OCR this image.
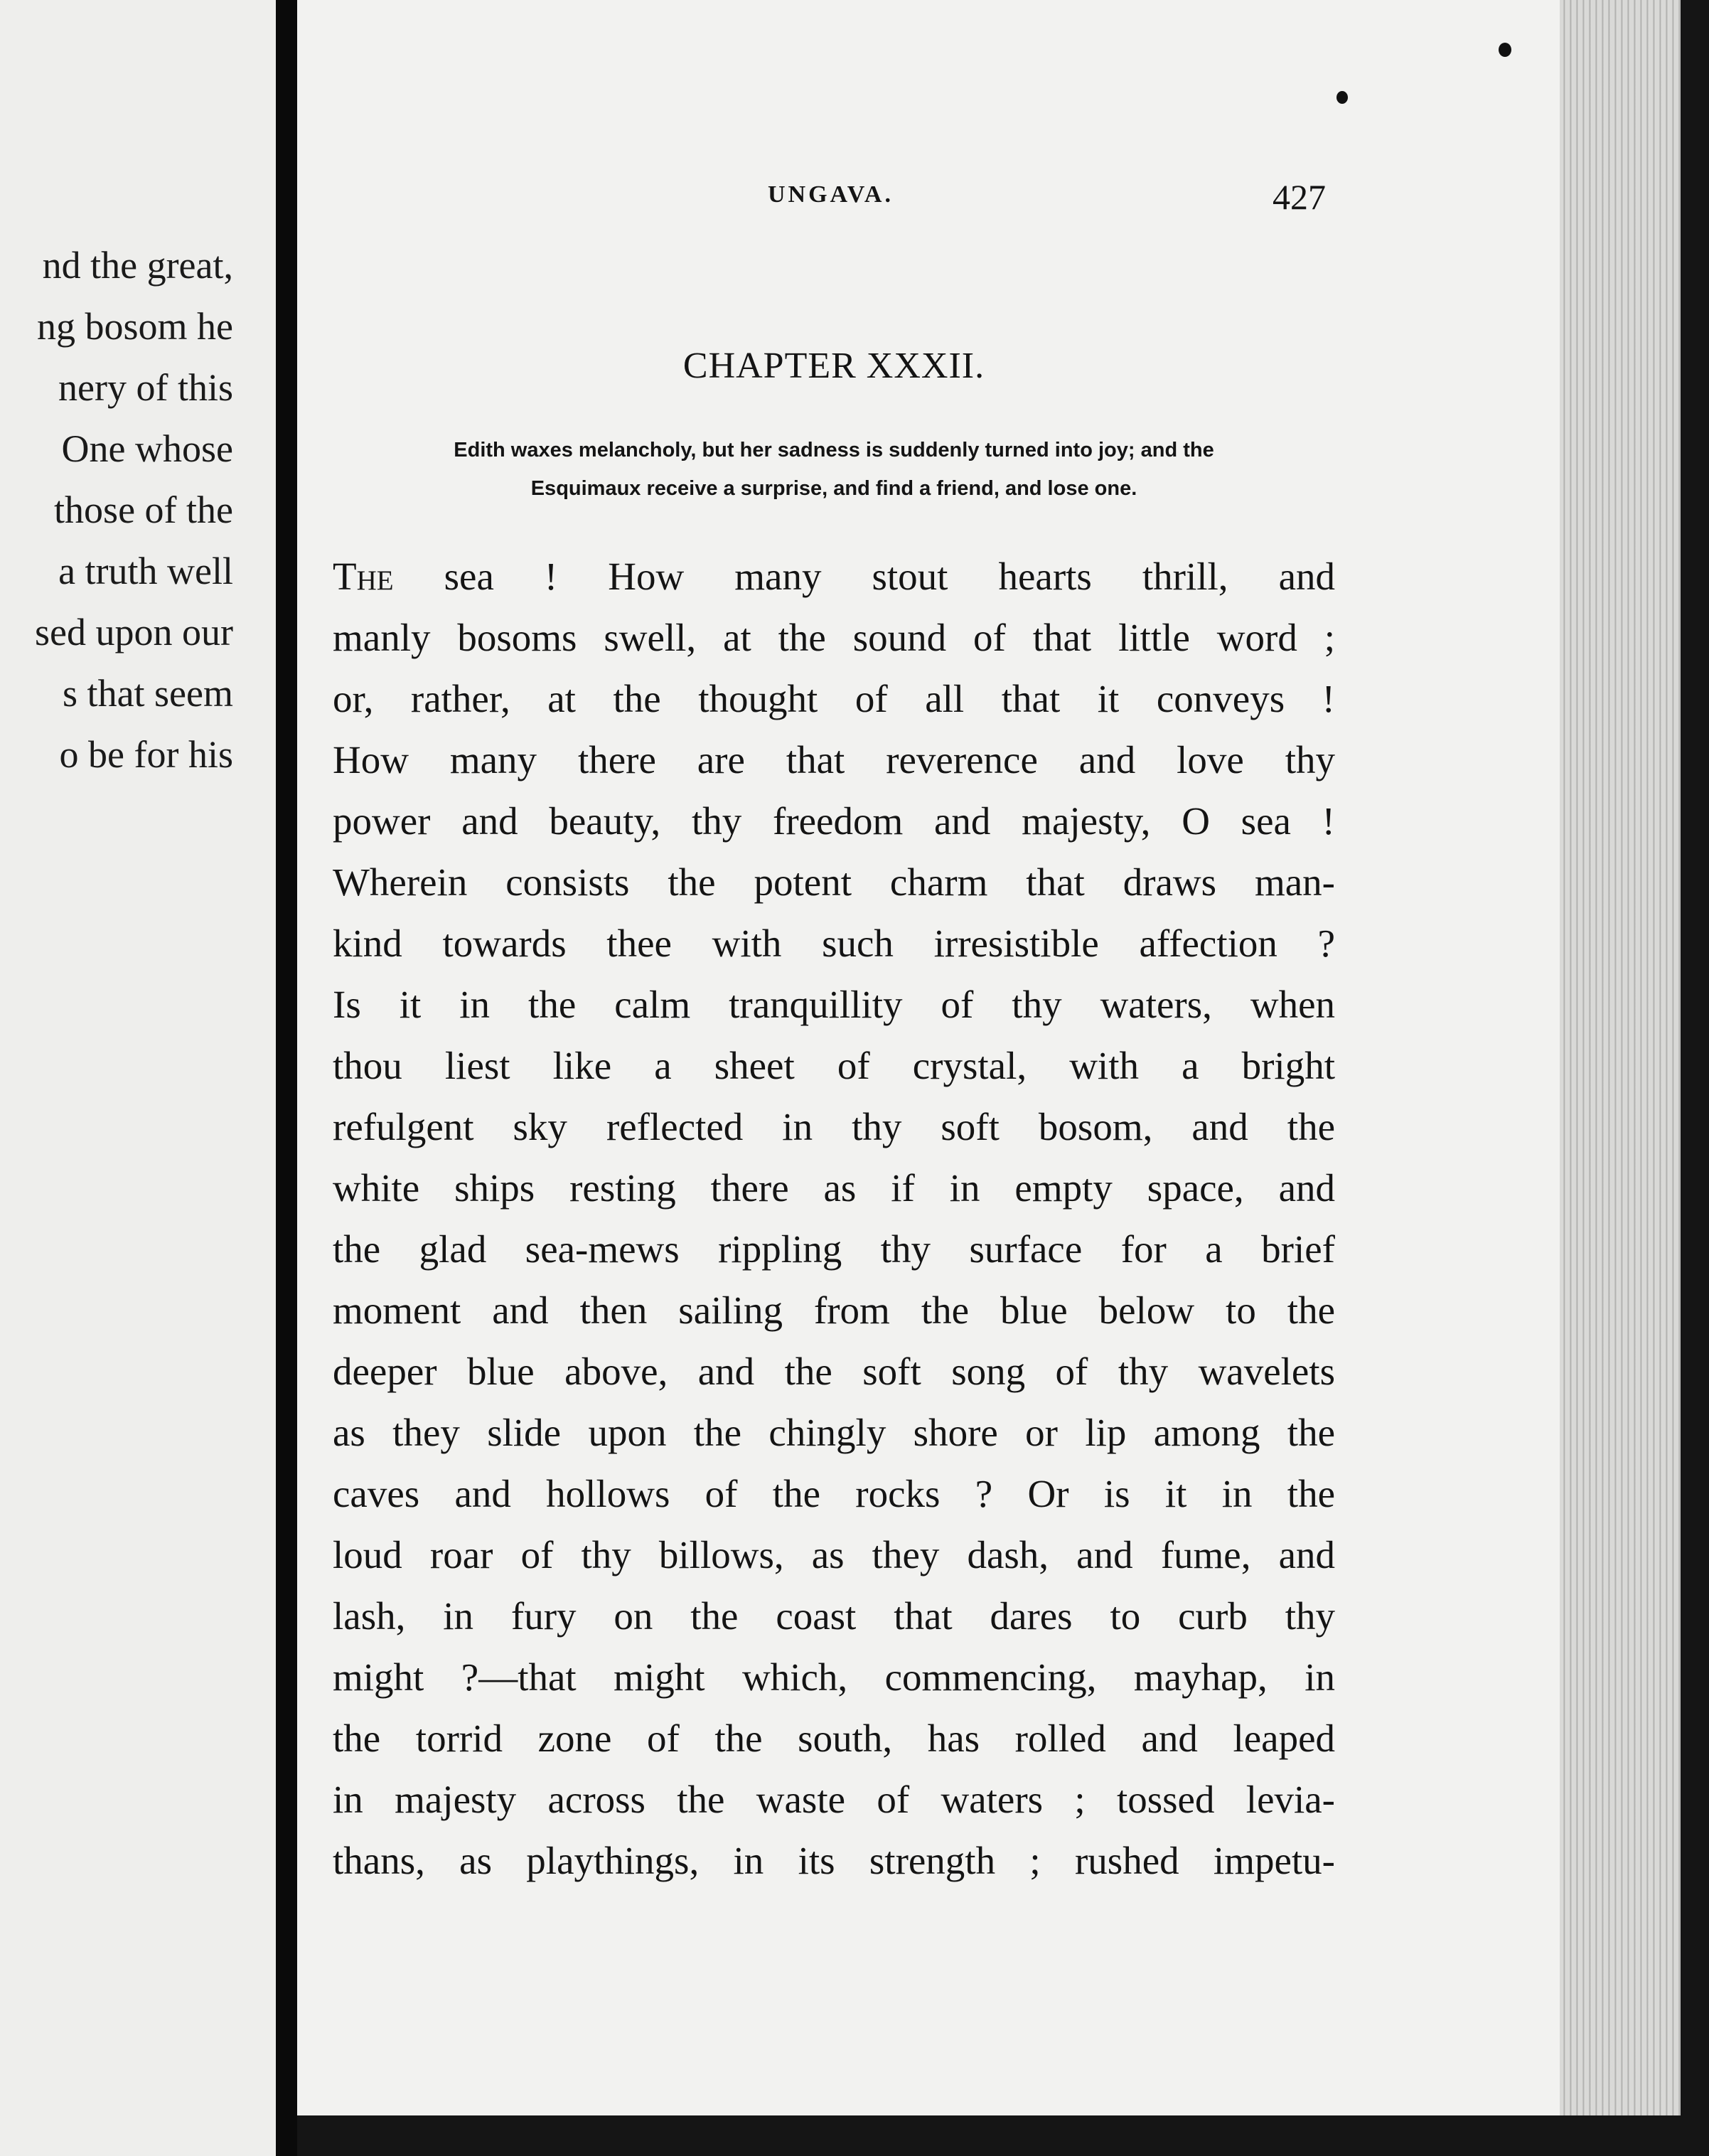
nd the great,
ng bosom he
nery of this
One whose
those of the
a truth well
sed upon our
s that seem
o be for his
UNGAVA.	427
CHAPTER XXXII.
Edith waxes melancholy, but her sadness is suddenly turned into joy; and the
Esquimaux receive a surprise, and find a friend, and lose one.
The sea ! How many stout hearts thrill, and
manly bosoms swell, at the sound of that little word ;
or, rather, at the thought of all that it conveys !
How many there are that reverence and love thy
power and beauty, thy freedom and majesty, O sea !
Wherein consists the potent charm that draws man-
kind towards thee with such irresistible affection ?
Is it in the calm tranquillity of thy waters, when
thou liest like a sheet of crystal, with a bright
refulgent sky reflected in thy soft bosom, and the
white ships resting there as if in empty space, and
the glad sea-mews rippling thy surface for a brief
moment and then sailing from the blue below to the
deeper blue above, and the soft song of thy wavelets
as they slide upon the chingly shore or lip among the
caves and hollows of the rocks ? Or is it in the
loud roar of thy billows, as they dash, and fume, and
lash, in fury on the coast that dares to curb thy
might ?—that might which, commencing, mayhap, in
the torrid zone of the south, has rolled and leaped
in majesty across the waste of waters ; tossed levia-
thans, as playthings, in its strength ; rushed impetu-
